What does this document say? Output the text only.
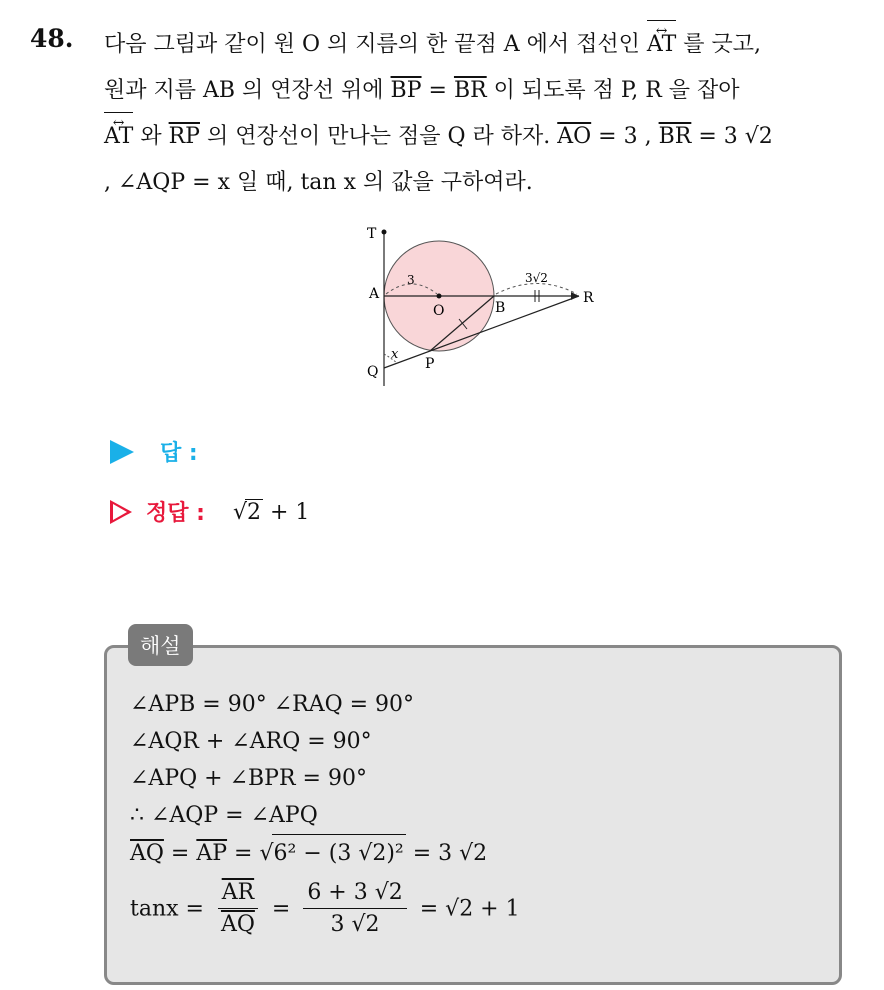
48. 다음 그림과 같이 원 O 의 지름의 한 끝점 A 에서 접선인 AT ↔ 를 긋고,
원과 지름 AB 의 연장선 위에 $\overline{BP} = \overline{BR}$ 이 되도록 점 P, R 을 잡아
AT ↔ 와 $\overline{RP}$ 의 연장선이 만나는 점을 Q 라 하자. $\overline{AO} = 3$ , $\overline{BR} = 3$ √2
, ∠AQP = x 일 때, tan x 의 값을 구하여라.
T
A
O	B
R
Q	P
x
3	3√2
답 :
정답 : √2 + 1
해설
∠APB = 90° ∠RAQ = 90°
∠AQR + ∠ARQ = 90°
∠APQ + ∠BPR = 90°
∴ ∠AQP = ∠APQ
$\overline{AQ} = \overline{AP} = √6^2 - (3$ √2)² = 3 √2
$\tan x = \frac{\overline{AR}}{AQ} = \frac{6 + 3 √2}{3 √2} = √2 + 1$
